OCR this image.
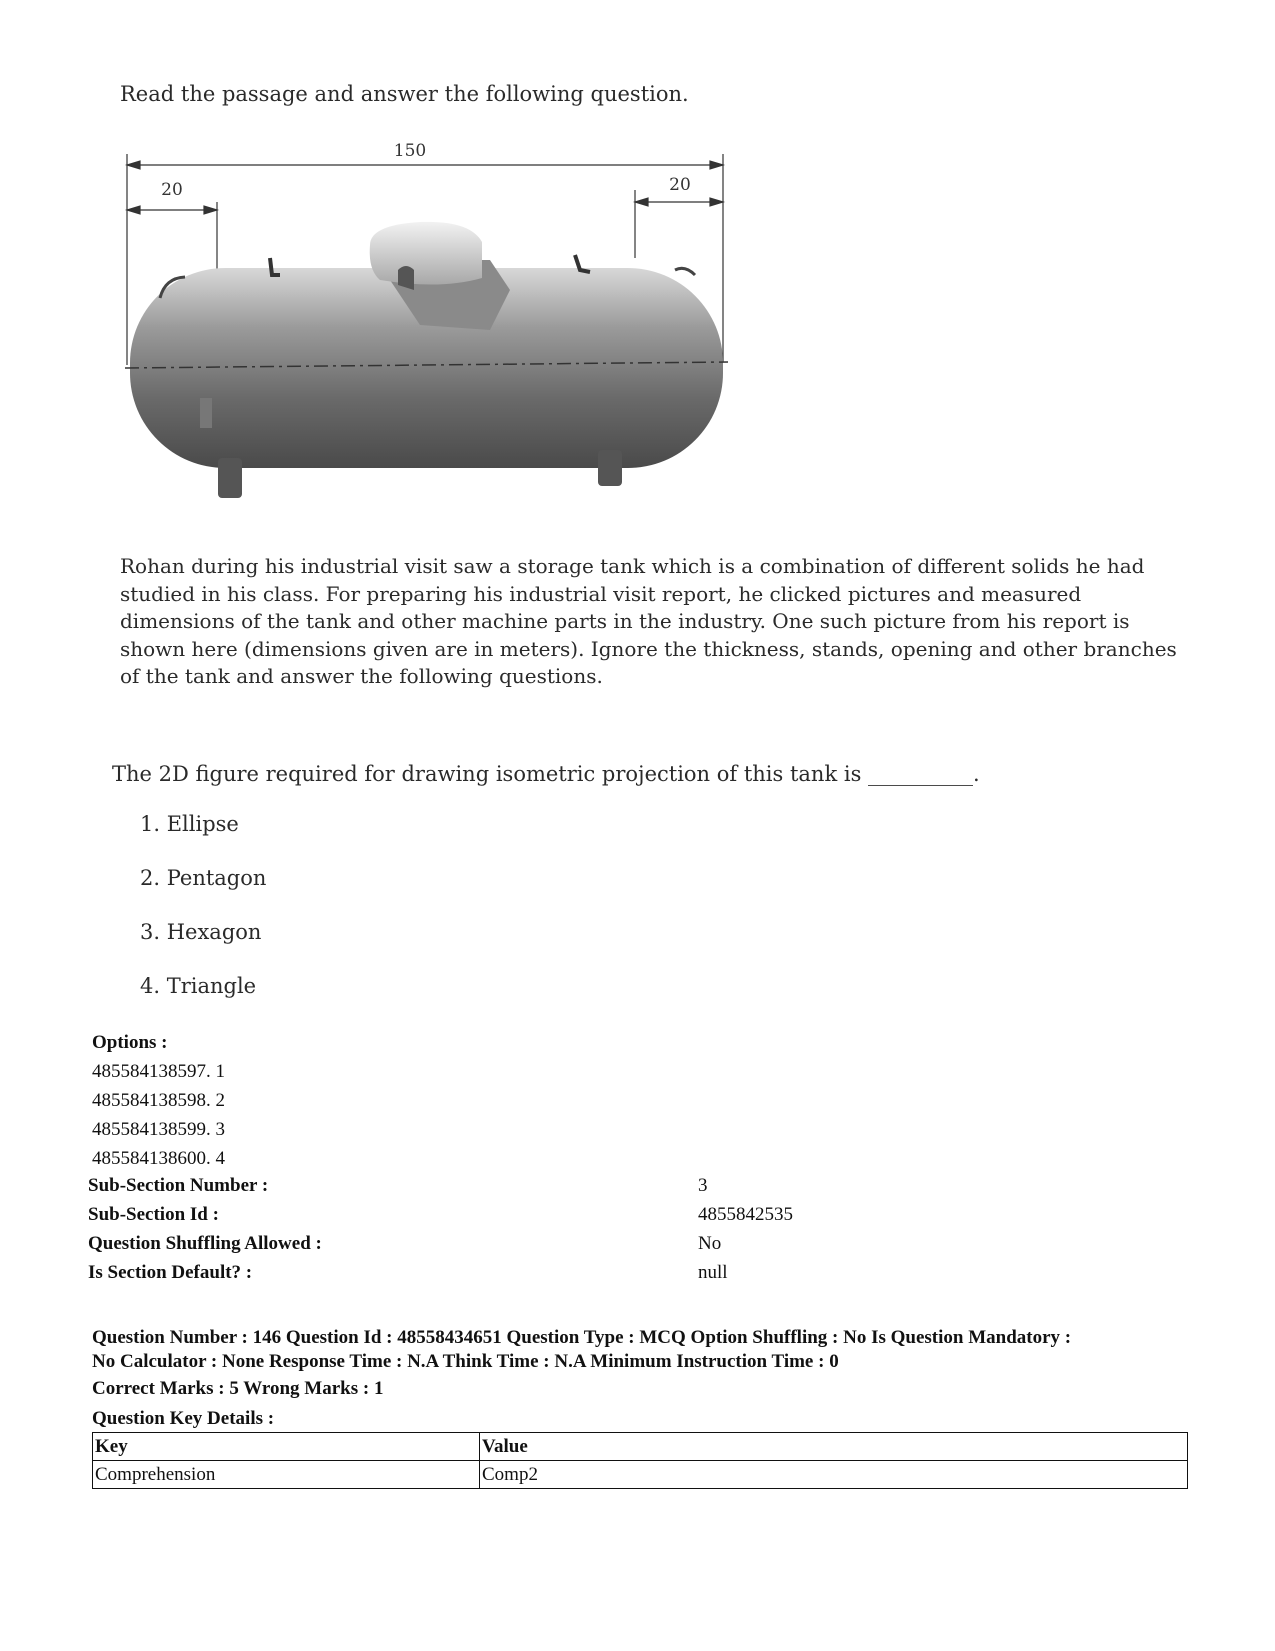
Read the passage and answer the following question.
150
20	20
Rohan during his industrial visit saw a storage tank which is a combination of different solids he had studied in his class. For preparing his industrial visit report, he clicked pictures and measured dimensions of the tank and other machine parts in the industry. One such picture from his report is shown here (dimensions given are in meters). Ignore the thickness, stands, opening and other branches of the tank and answer the following questions.
The 2D figure required for drawing isometric projection of this tank is __________.
1. Ellipse
2. Pentagon
3. Hexagon
4. Triangle
Options :
485584138597. 1
485584138598. 2
485584138599. 3
485584138600. 4
Sub-Section Number :	3
Sub-Section Id :	4855842535
Question Shuffling Allowed :	No
Is Section Default? :	null
Question Number : 146 Question Id : 48558434651 Question Type : MCQ Option Shuffling : No Is Question Mandatory :
No Calculator : None Response Time : N.A Think Time : N.A Minimum Instruction Time : 0
Correct Marks : 5 Wrong Marks : 1
Question Key Details :
Key	Value
Comprehension	Comp2
